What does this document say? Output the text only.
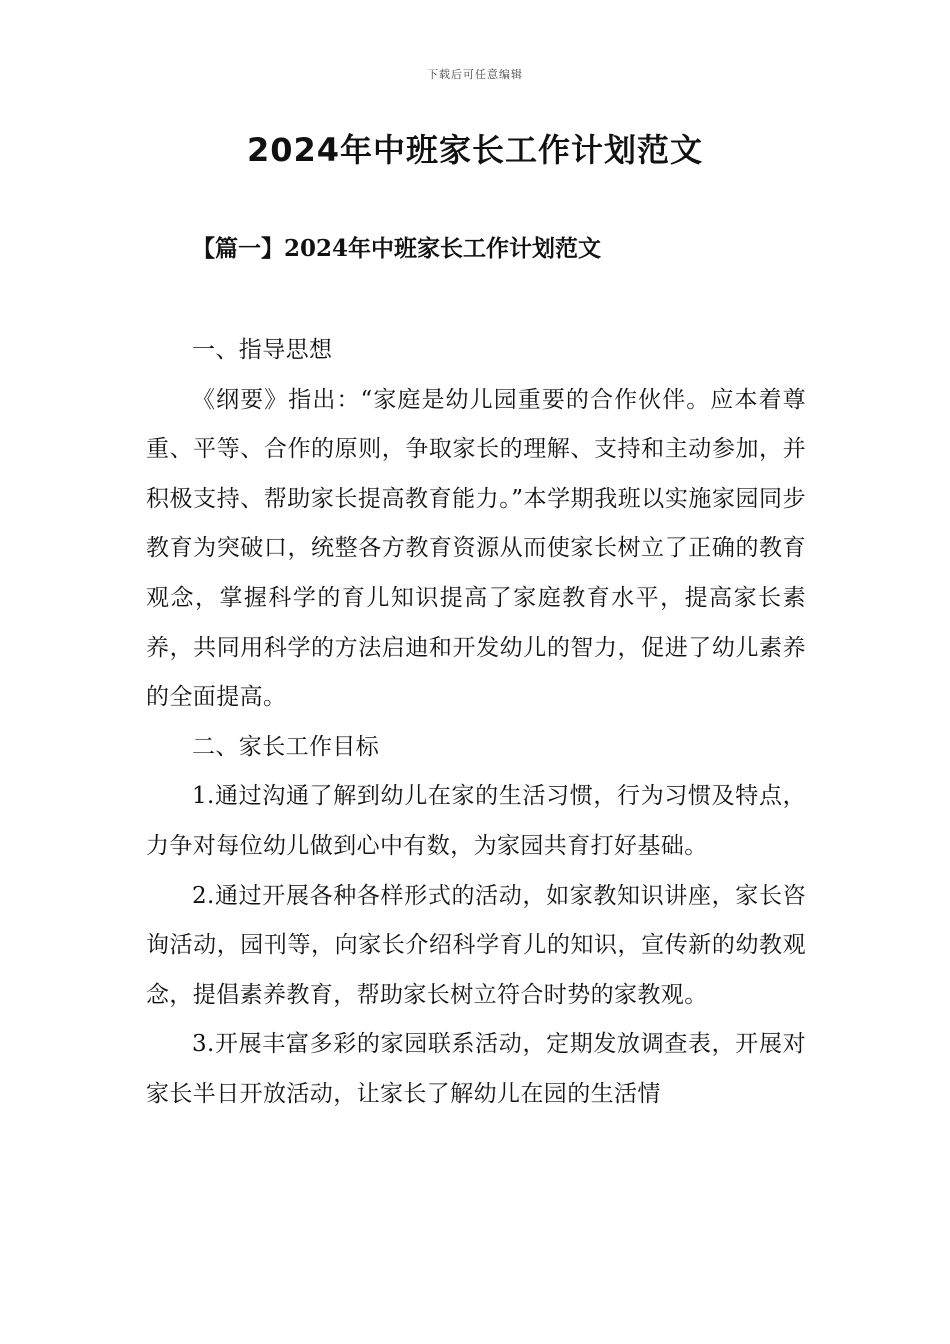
下载后可任意编辑
2024年中班家长工作计划范文
【篇一】2024年中班家长工作计划范文

一、指导思想

《纲要》指出：“家庭是幼儿园重要的合作伙伴。应本着尊重、平等、合作的原则，争取家长的理解、支持和主动参加，并积极支持、帮助家长提高教育能力。”本学期我班以实施家园同步教育为突破口，统整各方教育资源从而使家长树立了正确的教育观念，掌握科学的育儿知识提高了家庭教育水平，提高家长素养，共同用科学的方法启迪和开发幼儿的智力，促进了幼儿素养的全面提高。

二、家长工作目标

1.通过沟通了解到幼儿在家的生活习惯，行为习惯及特点，力争对每位幼儿做到心中有数，为家园共育打好基础。

2.通过开展各种各样形式的活动，如家教知识讲座，家长咨询活动，园刊等，向家长介绍科学育儿的知识，宣传新的幼教观念，提倡素养教育，帮助家长树立符合时势的家教观。

3.开展丰富多彩的家园联系活动，定期发放调查表，开展对家长半日开放活动，让家长了解幼儿在园的生活情
